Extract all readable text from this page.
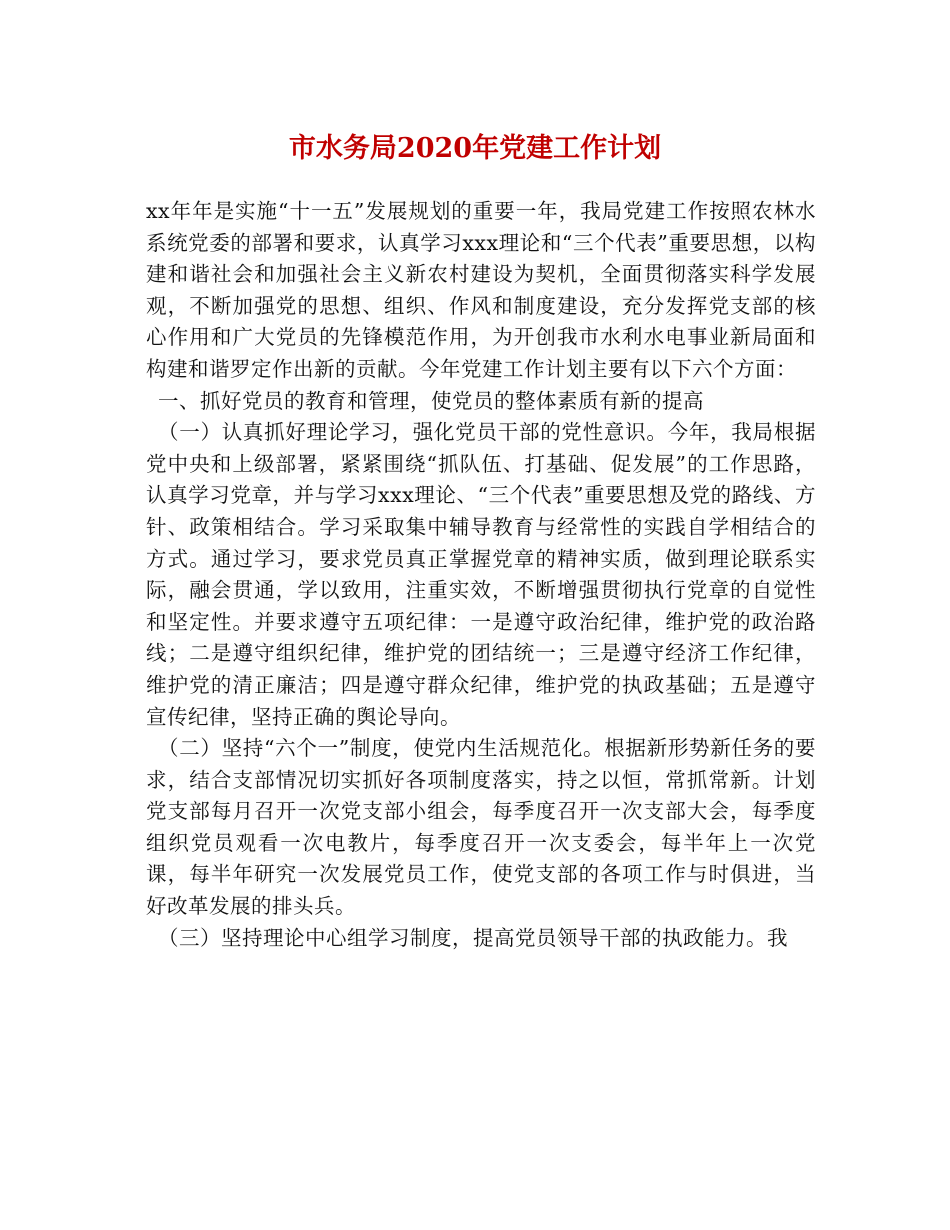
市水务局2020年党建工作计划

xx年年是实施“十一五”发展规划的重要一年，我局党建工作按照农林水系统党委的部署和要求，认真学习xxx理论和“三个代表”重要思想，以构建和谐社会和加强社会主义新农村建设为契机，全面贯彻落实科学发展观，不断加强党的思想、组织、作风和制度建设，充分发挥党支部的核心作用和广大党员的先锋模范作用，为开创我市水利水电事业新局面和构建和谐罗定作出新的贡献。今年党建工作计划主要有以下六个方面：

一、抓好党员的教育和管理，使党员的整体素质有新的提高

（一）认真抓好理论学习，强化党员干部的党性意识。今年，我局根据党中央和上级部署，紧紧围绕“抓队伍、打基础、促发展”的工作思路，认真学习党章，并与学习xxx理论、“三个代表”重要思想及党的路线、方针、政策相结合。学习采取集中辅导教育与经常性的实践自学相结合的方式。通过学习，要求党员真正掌握党章的精神实质，做到理论联系实际，融会贯通，学以致用，注重实效，不断增强贯彻执行党章的自觉性和坚定性。并要求遵守五项纪律：一是遵守政治纪律，维护党的政治路线；二是遵守组织纪律，维护党的团结统一；三是遵守经济工作纪律，维护党的清正廉洁；四是遵守群众纪律，维护党的执政基础；五是遵守宣传纪律，坚持正确的舆论导向。

（二）坚持“六个一”制度，使党内生活规范化。根据新形势新任务的要求，结合支部情况切实抓好各项制度落实，持之以恒，常抓常新。计划党支部每月召开一次党支部小组会，每季度召开一次支部大会，每季度组织党员观看一次电教片，每季度召开一次支委会，每半年上一次党课，每半年研究一次发展党员工作，使党支部的各项工作与时俱进，当好改革发展的排头兵。

（三）坚持理论中心组学习制度，提高党员领导干部的执政能力。我
